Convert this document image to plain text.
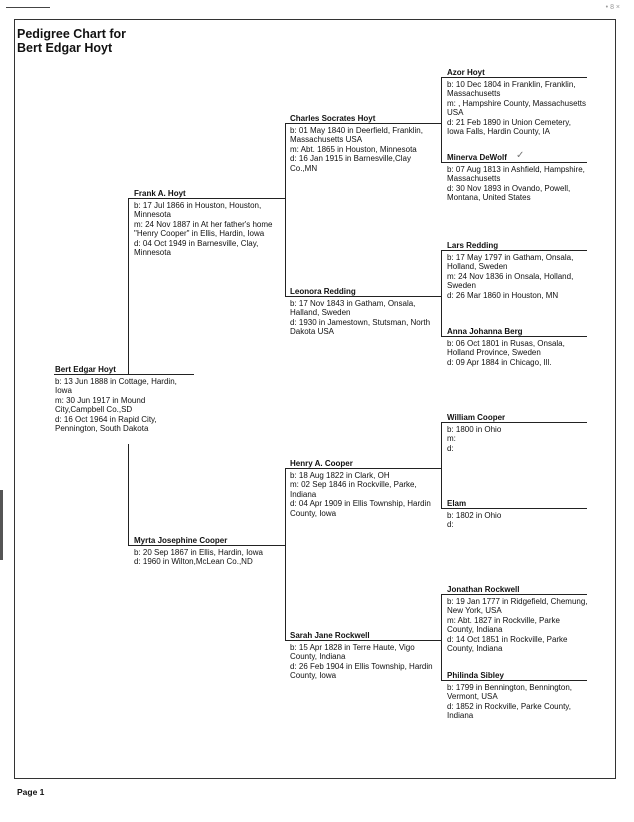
• 8 ×
Pedigree Chart for
Bert Edgar Hoyt
Bert Edgar Hoyt
b: 13 Jun 1888 in Cottage, Hardin, Iowa
m: 30 Jun 1917 in Mound City,Campbell Co.,SD
d: 16 Oct 1964 in Rapid City, Pennington, South Dakota
Frank A. Hoyt
b: 17 Jul 1866 in Houston, Houston, Minnesota
m: 24 Nov 1887 in At her father's home "Henry Cooper" in Ellis, Hardin, Iowa
d: 04 Oct 1949 in Barnesville, Clay, Minnesota
Myrta Josephine Cooper
b: 20 Sep 1867 in Ellis, Hardin, Iowa
d: 1960 in Wilton,McLean Co.,ND
Charles Socrates Hoyt
b: 01 May 1840 in Deerfield, Franklin, Massachusetts USA
m: Abt. 1865 in Houston, Minnesota
d: 16 Jan 1915 in Barnesville,Clay Co.,MN
Leonora Redding
b: 17 Nov 1843 in Gatham, Onsala, Halland, Sweden
d: 1930 in Jamestown, Stutsman, North Dakota USA
Henry A. Cooper
b: 18 Aug 1822 in Clark, OH
m: 02 Sep 1846 in Rockville, Parke, Indiana
d: 04 Apr 1909 in Ellis Township, Hardin County, Iowa
Sarah Jane Rockwell
b: 15 Apr 1828 in Terre Haute, Vigo County, Indiana
d: 26 Feb 1904 in Ellis Township, Hardin County, Iowa
Azor Hoyt
b: 10 Dec 1804 in Franklin, Franklin, Massachusetts
m: , Hampshire County, Massachusetts USA
d: 21 Feb 1890 in Union Cemetery, Iowa Falls, Hardin County, IA
Minerva DeWolf
b: 07 Aug 1813 in Ashfield, Hampshire, Massachusetts
d: 30 Nov 1893 in Ovando, Powell, Montana, United States
✓
Lars Redding
b: 17 May 1797 in Gatham, Onsala, Holland, Sweden
m: 24 Nov 1836 in Onsala, Holland, Sweden
d: 26 Mar 1860 in Houston, MN
Anna Johanna Berg
b: 06 Oct 1801 in Rusas, Onsala, Holland Province, Sweden
d: 09 Apr 1884 in Chicago, Ill.
William Cooper
b: 1800 in Ohio
m:
d:
Elam
b: 1802 in Ohio
d:
Jonathan Rockwell
b: 19 Jan 1777 in Ridgefield, Chemung, New York, USA
m: Abt. 1827 in Rockville, Parke County, Indiana
d: 14 Oct 1851 in Rockville, Parke County, Indiana
Philinda Sibley
b: 1799 in Bennington, Bennington, Vermont, USA
d: 1852 in Rockville, Parke County, Indiana
Page 1
